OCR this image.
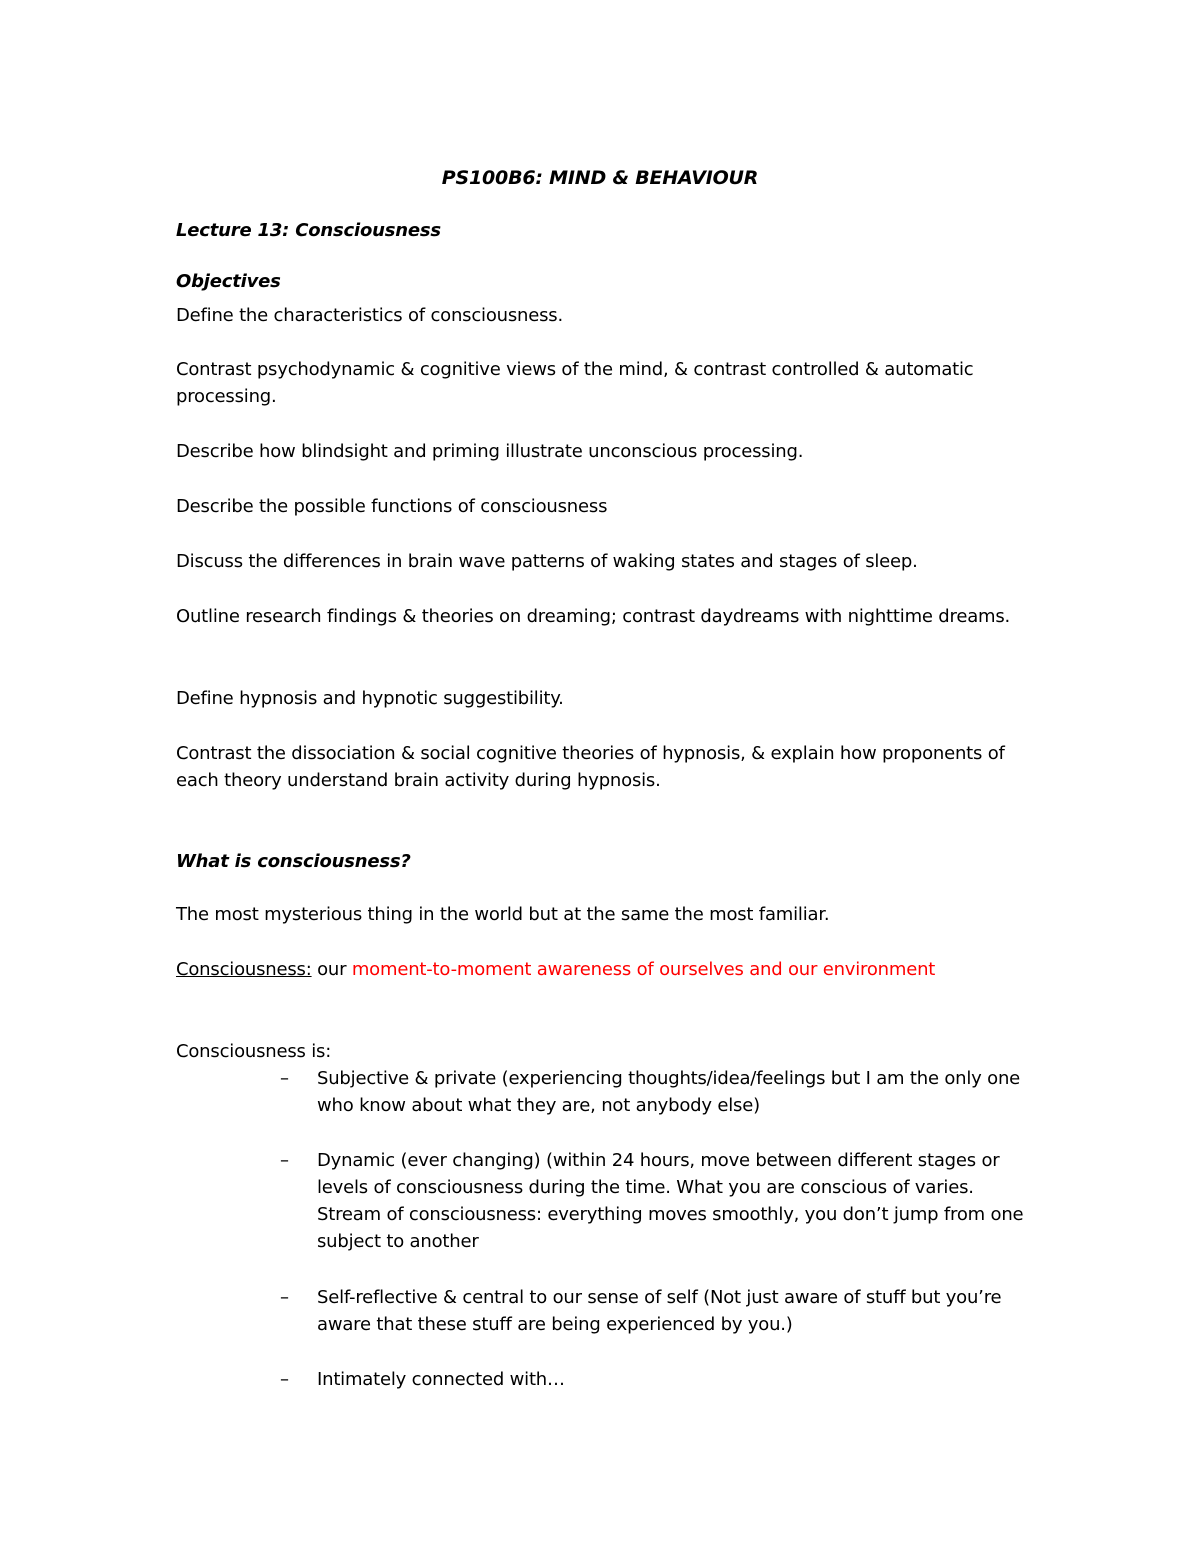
PS100B6: MIND & BEHAVIOUR

Lecture 13: Consciousness

Objectives

Define the characteristics of consciousness.

Contrast psychodynamic & cognitive views of the mind, & contrast controlled & automatic processing.

Describe how blindsight and priming illustrate unconscious processing.

Describe the possible functions of consciousness

Discuss the differences in brain wave patterns of waking states and stages of sleep.

Outline research findings & theories on dreaming; contrast daydreams with nighttime dreams.

Define hypnosis and hypnotic suggestibility.

Contrast the dissociation & social cognitive theories of hypnosis, & explain how proponents of each theory understand brain activity during hypnosis.

What is consciousness?

The most mysterious thing in the world but at the same the most familiar.

Consciousness: our moment-to-moment awareness of ourselves and our environment

Consciousness is:

– Subjective & private (experiencing thoughts/idea/feelings but I am the only one who know about what they are, not anybody else)

– Dynamic (ever changing) (within 24 hours, move between different stages or levels of consciousness during the time. What you are conscious of varies. Stream of consciousness: everything moves smoothly, you don’t jump from one subject to another

– Self-reflective & central to our sense of self (Not just aware of stuff but you’re aware that these stuff are being experienced by you.)

– Intimately connected with…
